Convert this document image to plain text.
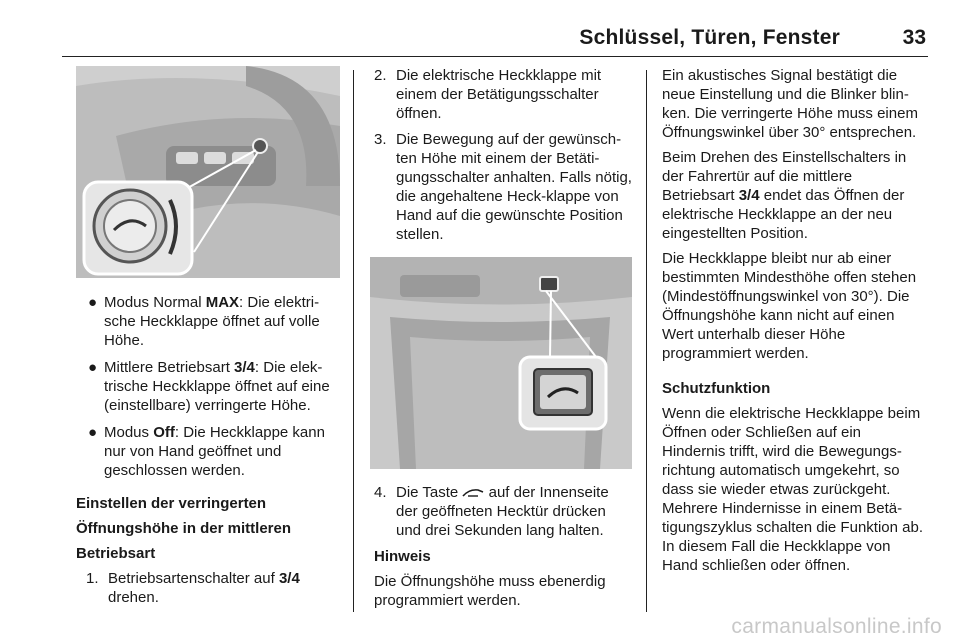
Schlüssel, Türen, Fenster	33
● Modus Normal MAX: Die elektri-sche Heckklappe öffnet auf volle Höhe.
● Mittlere Betriebsart 3/4: Die elek-trische Heckklappe öffnet auf eine (einstellbare) verringerte Höhe.
● Modus Off: Die Heckklappe kann nur von Hand geöffnet und geschlossen werden.

Einstellen der verringerten

Öffnungshöhe in der mittleren

Betriebsart

1. Betriebsartenschalter auf 3/4 drehen.
2. Die elektrische Heckklappe mit einem der Betätigungsschalter öffnen.
3. Die Bewegung auf der gewünsch-ten Höhe mit einem der Betäti-gungsschalter anhalten. Falls nötig, die angehaltene Heck-klappe von Hand auf die gewünschte Position stellen.
4. Die Taste  auf der Innenseite der geöffneten Hecktür drücken und drei Sekunden lang halten.

Hinweis

Die Öffnungshöhe muss ebenerdig programmiert werden.

Ein akustisches Signal bestätigt die neue Einstellung und die Blinker blin-ken. Die verringerte Höhe muss einem Öffnungswinkel über 30° entsprechen.

Beim Drehen des Einstellschalters in der Fahrertür auf die mittlere Betriebsart 3/4 endet das Öffnen der elektrische Heckklappe an der neu eingestellten Position.

Die Heckklappe bleibt nur ab einer bestimmten Mindesthöhe offen stehen (Mindestöffnungswinkel von 30°). Die Öffnungshöhe kann nicht auf einen Wert unterhalb dieser Höhe programmiert werden.

Schutzfunktion

Wenn die elektrische Heckklappe beim Öffnen oder Schließen auf ein Hindernis trifft, wird die Bewegungs-richtung automatisch umgekehrt, so dass sie wieder etwas zurückgeht. Mehrere Hindernisse in einem Betä-tigungszyklus schalten die Funktion ab. In diesem Fall die Heckklappe von Hand schließen oder öffnen.

carmanualsonline.info
